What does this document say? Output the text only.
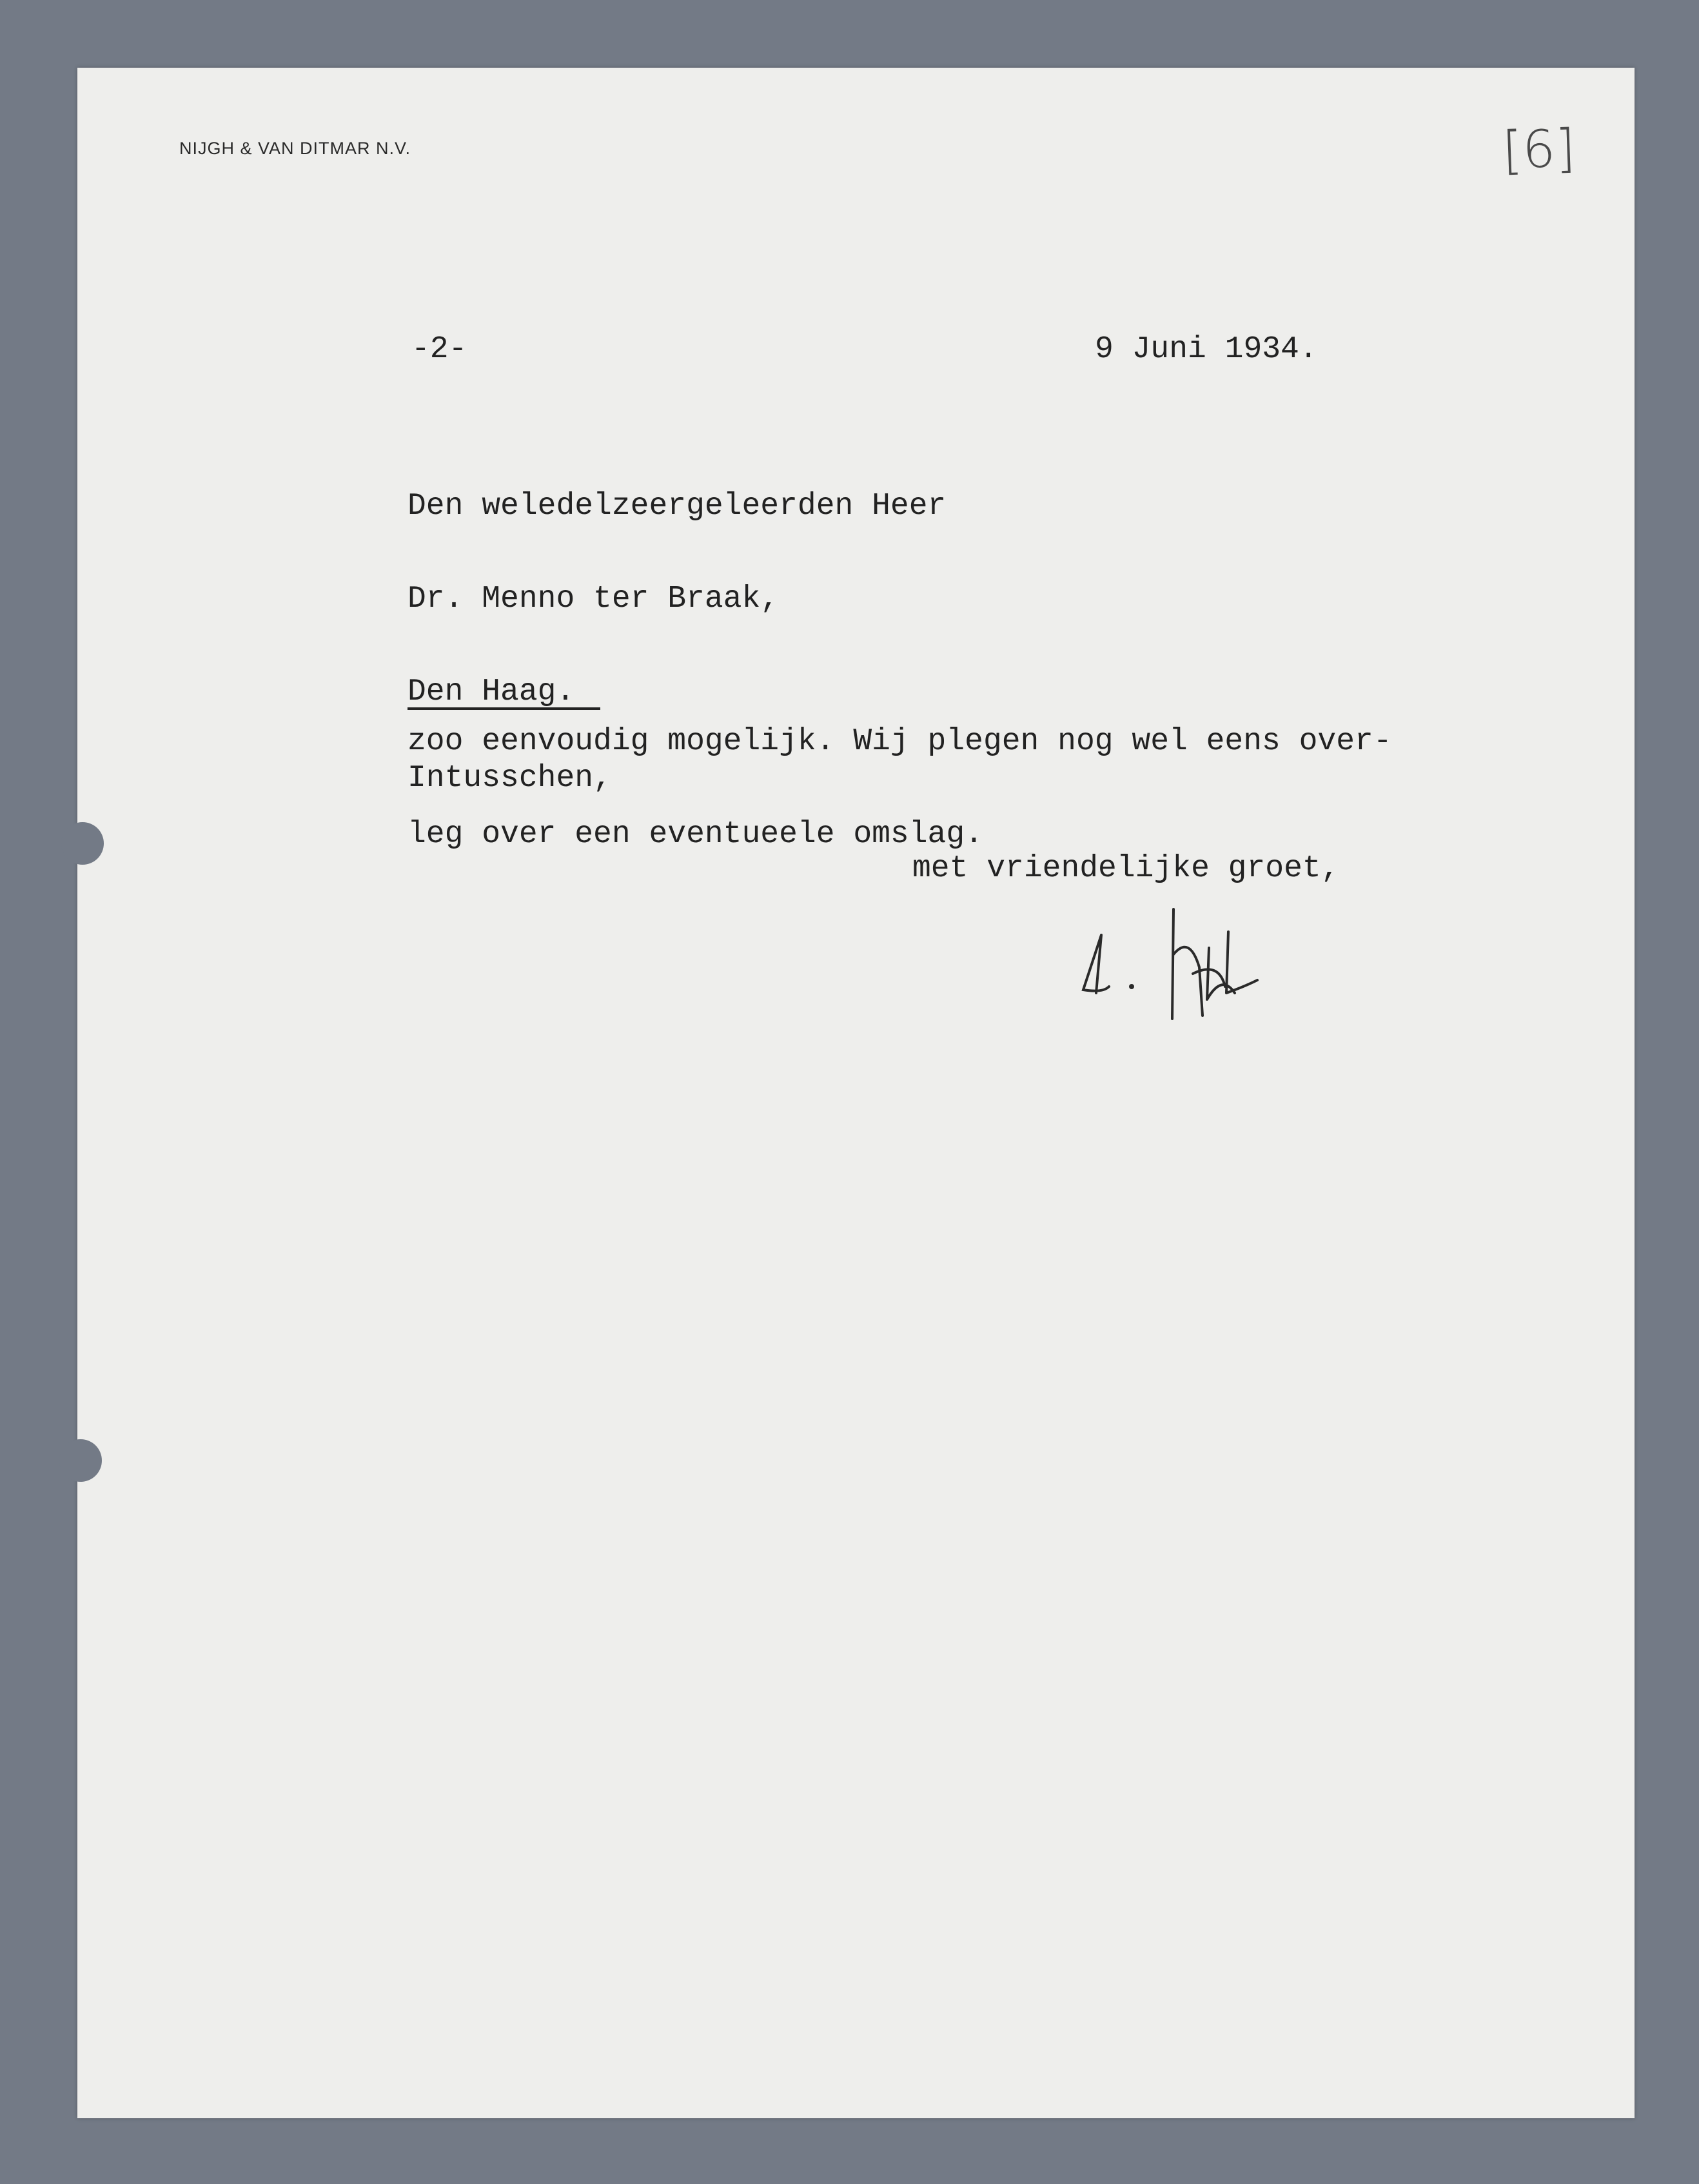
NIJGH & VAN DITMAR N.V.	[6]
-2-	9 Juni 1934.

Den weledelzeergeleerden Heer

Dr. Menno ter Braak,

Den Haag.

zoo eenvoudig mogelijk. Wij plegen nog wel eens over-

leg over een eventueele omslag.

Intusschen,
met vriendelijke groet,
